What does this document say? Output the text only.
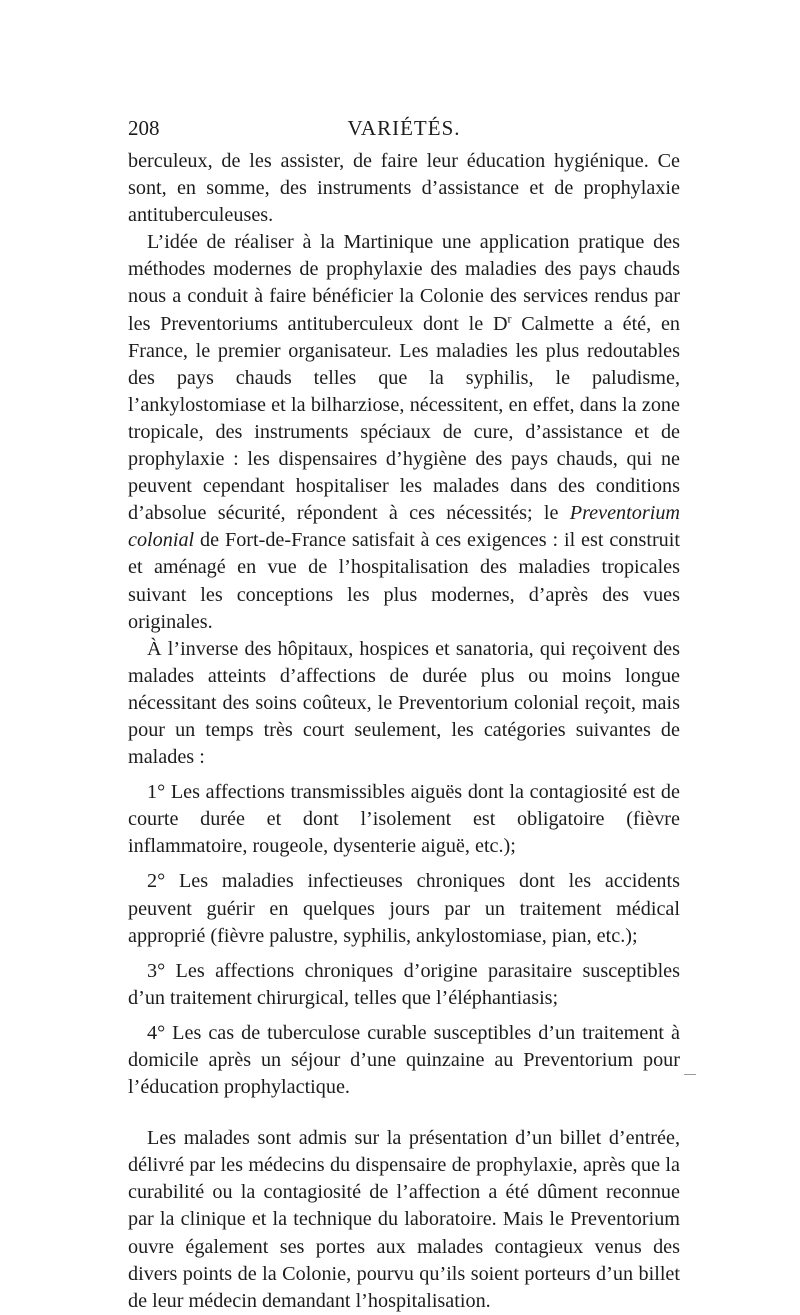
208	VARIÉTÉS.

berculeux, de les assister, de faire leur éducation hygiénique. Ce sont, en somme, des instruments d’assistance et de prophylaxie antituberculeuses.

L’idée de réaliser à la Martinique une application pratique des méthodes modernes de prophylaxie des maladies des pays chauds nous a conduit à faire bénéficier la Colonie des services rendus par les Preventoriums antituberculeux dont le $D^r$ Calmette a été, en France, le premier organisateur. Les maladies les plus redoutables des pays chauds telles que la syphilis, le paludisme, l’ankylostomiase et la bilharziose, nécessitent, en effet, dans la zone tropicale, des instruments spéciaux de cure, d’assistance et de prophylaxie : les dispensaires d’hygiène des pays chauds, qui ne peuvent cependant hospitaliser les malades dans des conditions d’absolue sécurité, répondent à ces nécessités; le Preventorium colonial de Fort-de-France satisfait à ces exigences : il est construit et aménagé en vue de l’hospitalisation des maladies tropicales suivant les conceptions les plus modernes, d’après des vues originales.

À l’inverse des hôpitaux, hospices et sanatoria, qui reçoivent des malades atteints d’affections de durée plus ou moins longue nécessitant des soins coûteux, le Preventorium colonial reçoit, mais pour un temps très court seulement, les catégories suivantes de malades :

1° Les affections transmissibles aiguës dont la contagiosité est de courte durée et dont l’isolement est obligatoire (fièvre inflammatoire, rougeole, dysenterie aiguë, etc.);

2° Les maladies infectieuses chroniques dont les accidents peuvent guérir en quelques jours par un traitement médical approprié (fièvre palustre, syphilis, ankylostomiase, pian, etc.);

3° Les affections chroniques d’origine parasitaire susceptibles d’un traitement chirurgical, telles que l’éléphantiasis;

4° Les cas de tuberculose curable susceptibles d’un traitement à domicile après un séjour d’une quinzaine au Preventorium pour l’éducation prophylactique.

Les malades sont admis sur la présentation d’un billet d’entrée, délivré par les médecins du dispensaire de prophylaxie, après que la curabilité ou la contagiosité de l’affection a été dûment reconnue par la clinique et la technique du laboratoire. Mais le Preventorium ouvre également ses portes aux malades contagieux venus des divers points de la Colonie, pourvu qu’ils soient porteurs d’un billet de leur médecin demandant l’hospitalisation.
